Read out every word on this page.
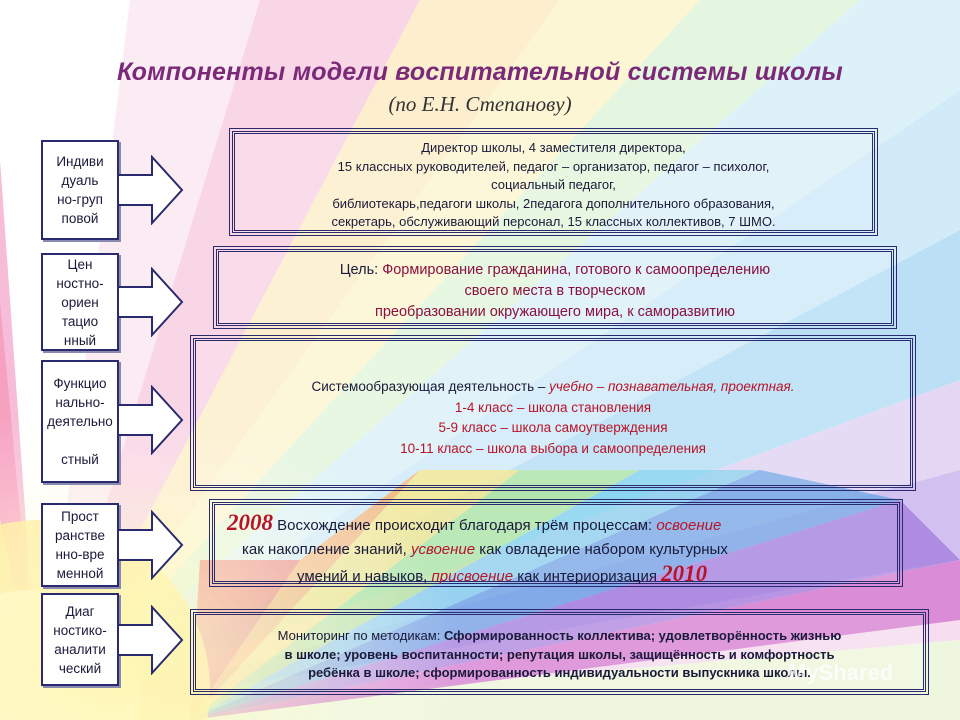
Компоненты модели воспитательной системы школы
(по Е.Н. Степанову)
Индиви
дуаль
но-груп
повой
Цен
ностно-
ориен
тацио
нный
Функцио
нально-
деятельно

стный
Прост
ранстве
нно-вре
менной
Диаг
ностико-
аналити
ческий

Директор школы, 4 заместителя директора,

15 классных руководителей, педагог – организатор, педагог – психолог,

социальный педагог,

библиотекарь,педагоги школы, 2педагога дополнительного образования,

секретарь, обслуживающий персонал, 15 классных коллективов, 7 ШМО.

Цель: Формирование гражданина, готового к самоопределению

своего места в творческом

преобразовании окружающего мира, к саморазвитию

Системообразующая деятельность – учебно – познавательная, проектная.

1-4 класс – школа становления

5-9 класс – школа самоутверждения

10-11 класс – школа выбора и самоопределения

2008 Восхождение происходит благодаря трём процессам: освоение
как накопление знаний, усвоение как овладение набором культурных
умений и навыков, присвоение как интериоризация 2010

Мониторинг по методикам: Сформированность коллектива; удовлетворённость жизнью

в школе; уровень воспитанности; репутация школы, защищённость и комфортность

ребёнка в школе; сформированность индивидуальности выпускника школы.

MyShared
